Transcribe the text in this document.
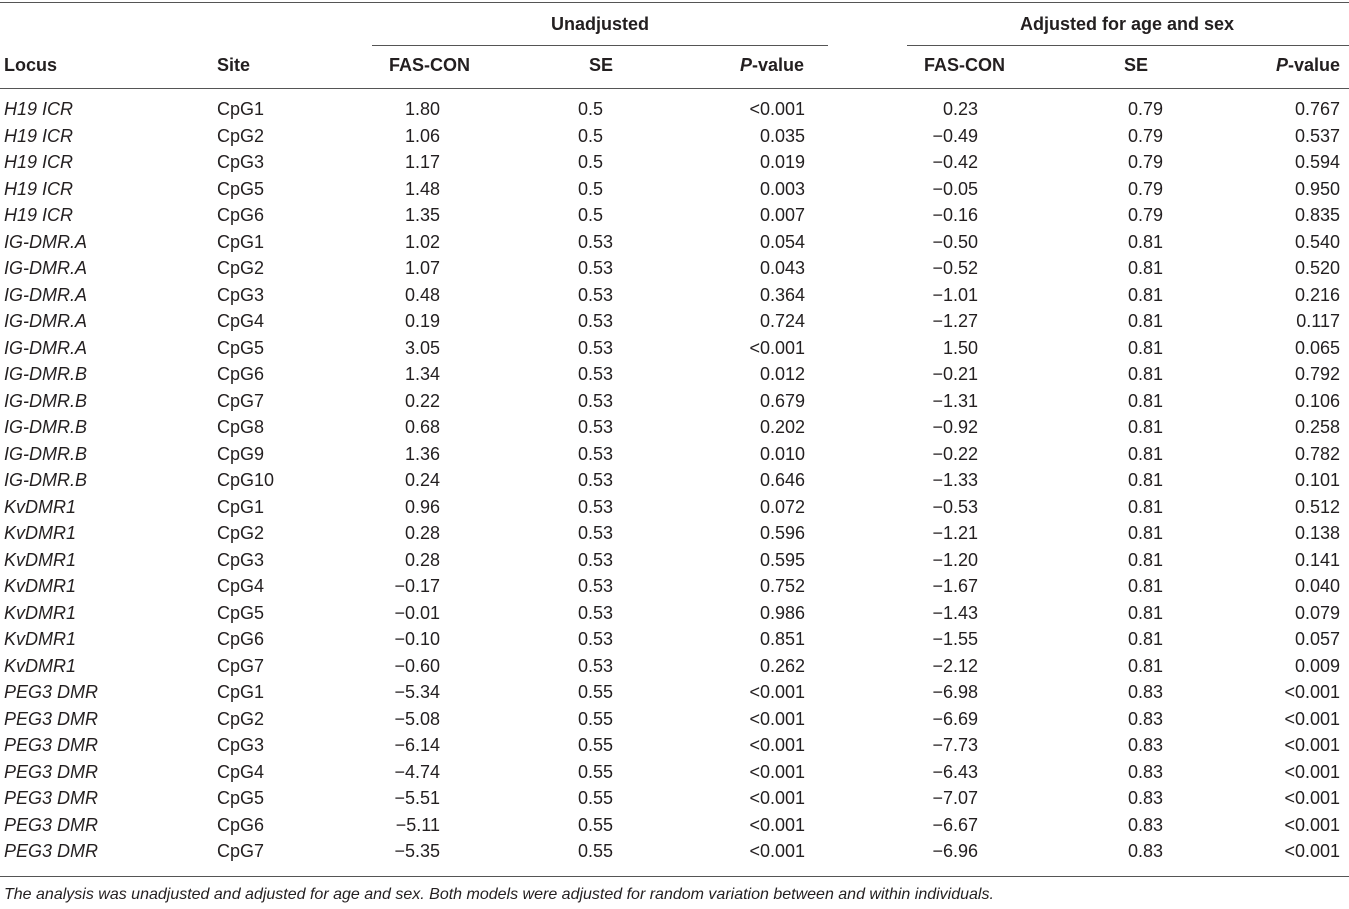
Unadjusted	Adjusted for age and sex
Locus	Site	FAS-CON	SE	P-value	FAS-CON	SE	P-value
H19 ICR	CpG1	1.80	0.5	<0.001	0.23	0.79	0.767
H19 ICR	CpG2	1.06	0.5	0.035	−0.49	0.79	0.537
H19 ICR	CpG3	1.17	0.5	0.019	−0.42	0.79	0.594
H19 ICR	CpG5	1.48	0.5	0.003	−0.05	0.79	0.950
H19 ICR	CpG6	1.35	0.5	0.007	−0.16	0.79	0.835
IG-DMR.A	CpG1	1.02	0.53	0.054	−0.50	0.81	0.540
IG-DMR.A	CpG2	1.07	0.53	0.043	−0.52	0.81	0.520
IG-DMR.A	CpG3	0.48	0.53	0.364	−1.01	0.81	0.216
IG-DMR.A	CpG4	0.19	0.53	0.724	−1.27	0.81	0.117
IG-DMR.A	CpG5	3.05	0.53	<0.001	1.50	0.81	0.065
IG-DMR.B	CpG6	1.34	0.53	0.012	−0.21	0.81	0.792
IG-DMR.B	CpG7	0.22	0.53	0.679	−1.31	0.81	0.106
IG-DMR.B	CpG8	0.68	0.53	0.202	−0.92	0.81	0.258
IG-DMR.B	CpG9	1.36	0.53	0.010	−0.22	0.81	0.782
IG-DMR.B	CpG10	0.24	0.53	0.646	−1.33	0.81	0.101
KvDMR1	CpG1	0.96	0.53	0.072	−0.53	0.81	0.512
KvDMR1	CpG2	0.28	0.53	0.596	−1.21	0.81	0.138
KvDMR1	CpG3	0.28	0.53	0.595	−1.20	0.81	0.141
KvDMR1	CpG4	−0.17	0.53	0.752	−1.67	0.81	0.040
KvDMR1	CpG5	−0.01	0.53	0.986	−1.43	0.81	0.079
KvDMR1	CpG6	−0.10	0.53	0.851	−1.55	0.81	0.057
KvDMR1	CpG7	−0.60	0.53	0.262	−2.12	0.81	0.009
PEG3 DMR	CpG1	−5.34	0.55	<0.001	−6.98	0.83	<0.001
PEG3 DMR	CpG2	−5.08	0.55	<0.001	−6.69	0.83	<0.001
PEG3 DMR	CpG3	−6.14	0.55	<0.001	−7.73	0.83	<0.001
PEG3 DMR	CpG4	−4.74	0.55	<0.001	−6.43	0.83	<0.001
PEG3 DMR	CpG5	−5.51	0.55	<0.001	−7.07	0.83	<0.001
PEG3 DMR	CpG6	−5.11	0.55	<0.001	−6.67	0.83	<0.001
PEG3 DMR	CpG7	−5.35	0.55	<0.001	−6.96	0.83	<0.001
The analysis was unadjusted and adjusted for age and sex. Both models were adjusted for random variation between and within individuals.
